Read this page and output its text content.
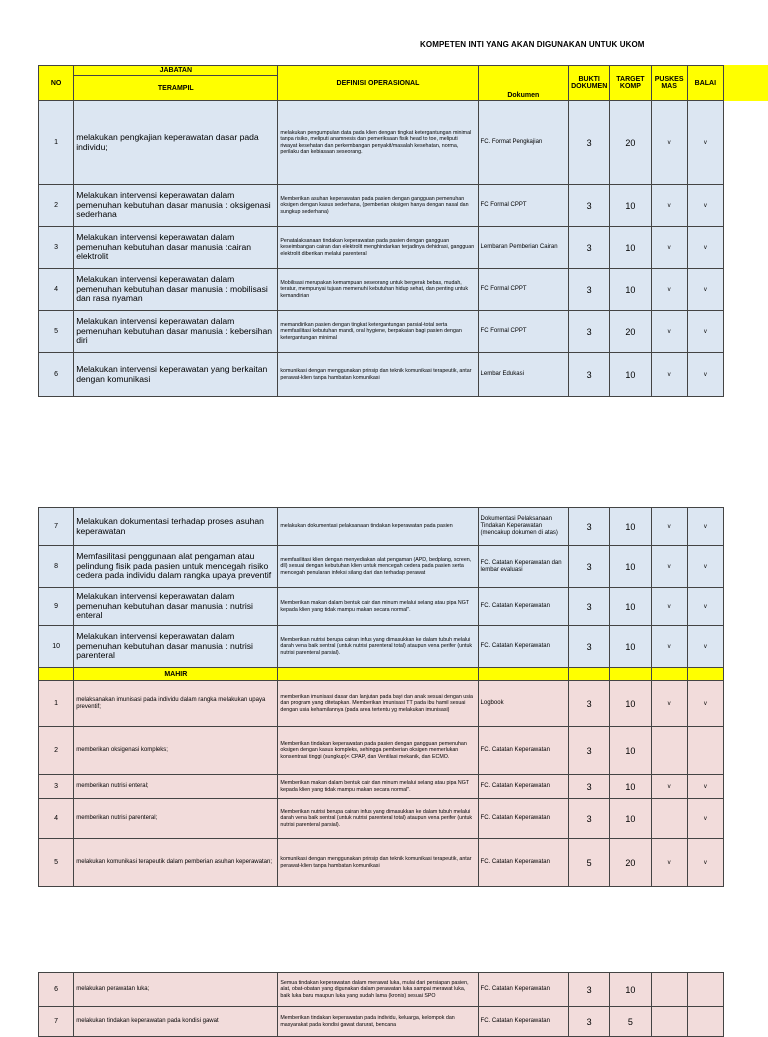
KOMPETEN INTI YANG AKAN DIGUNAKAN UNTUK UKOM
NO	JABATAN	DEFINISI OPERASIONAL	Dokumen	BUKTI DOKUMEN	TARGET KOMP	PUSKES MAS	BALAI
	TERAMPIL						
1	melakukan pengkajian keperawatan dasar pada individu;	melakukan pengumpulan data pada klien dengan tingkat ketergantungan minimal tanpa risiko, meliputi anamnesis dan pemeriksaan fisik head to toe, meliputi riwayat kesehatan dan perkembangan penyakit/masalah kesehatan, norma, perilaku dan kebiasaan seseorang.	FC. Format Pengkajian	3	20	v	v
2	Melakukan intervensi keperawatan dalam pemenuhan kebutuhan dasar manusia : oksigenasi sederhana	Memberikan asuhan keperawatan pada pasien dengan gangguan pemenuhan oksigen dengan kasus sederhana, (pemberian oksigen hanya dengan nasal dan sungkup sederhana)	FC Formal CPPT	3	10	v	v
3	Melakukan intervensi keperawatan dalam pemenuhan kebutuhan dasar manusia :cairan elektrolit	Penatalaksanaan tindakan keperawatan pada pasien dengan gangguan keseimbangan cairan dan elektrolit menghindarkan terjadinya dehidrasi, gangguan elektrolit diberikan melalui parenteral	Lembaran Pemberian Cairan	3	10	v	v
4	Melakukan intervensi keperawatan dalam pemenuhan kebutuhan dasar manusia : mobilisasi dan rasa nyaman	Mobilisasi merupakan kemampuan seseorang untuk bergerak bebas, mudah, teratur, mempunyai tujuan memenuhi kebutuhan hidup sehat, dan penting untuk kemandirian	FC Formal CPPT	3	10	v	v
5	Melakukan intervensi keperawatan dalam pemenuhan kebutuhan dasar manusia : kebersihan diri	memandirikan pasien dengan tingkat ketergantungan parsial-total serta memfasilitasi kebutuhan mandi, oral hygiene, berpakaian bagi pasien dengan ketergantungan minimal	FC Formal CPPT	3	20	v	v
6	Melakukan intervensi keperawatan yang berkaitan dengan komunikasi	komunikasi dengan menggunakan prinsip dan teknik komunikasi terapeutik, antar perawat-klien tanpa hambatan komunikasi	Lembar Edukasi	3	10	v	v
7	Melakukan dokumentasi terhadap proses asuhan keperawatan	melakukan dokumentasi pelaksanaan tindakan keperawatan pada pasien	Dokumentasi Pelaksanaan Tindakan Keperawatan (mencakup dokumen di atas)	3	10	v	v
8	Memfasilitasi penggunaan alat pengaman atau pelindung fisik pada pasien untuk mencegah risiko cedera pada individu dalam rangka upaya preventif	memfasilitasi klien dengan menyediakan alat pengaman (APD, bedplang, screen, dll) sesuai dengan kebutuhan klien untuk mencegah cedera pada pasien serta mencegah penularan infeksi silang dari dan terhadap perawat	FC. Catatan Keperawatan dan lembar evaluasi	3	10	v	v
9	Melakukan intervensi keperawatan dalam pemenuhan kebutuhan dasar manusia : nutrisi enteral	Memberikan makan dalam bentuk cair dan minum melalui selang atau pipa NGT kepada klien yang tidak mampu makan secara normal".	FC. Catatan Keperawatan	3	10	v	v
10	Melakukan intervensi keperawatan dalam pemenuhan kebutuhan dasar manusia : nutrisi parenteral	Memberikan nutrisi berupa cairan infus yang dimasukkan ke dalam tubuh melalui darah vena baik sentral (untuk nutrisi parenteral total) ataupun vena perifer (untuk nutrisi parenteral parsial).	FC. Catatan Keperawatan	3	10	v	v
	MAHIR						
1	melaksanakan imunisasi pada individu dalam rangka melakukan upaya preventif;	memberikan imunisasi dasar dan lanjutan pada bayi dan anak sesuai dengan usia dan program yang ditetapkan. Memberikan imunisasi TT pada ibu hamil sesuai dengan usia kehamilannya (pada area tertentu yg melakukan imunisasi)	Logbook	3	10	v	v
2	memberikan oksigenasi kompleks;	Memberikan tindakan keperawatan pada pasien dengan gangguan pemenuhan oksigen dengan kasus kompleks, sehingga pemberian oksigen memerlukan konsentrasi tinggi (sungkup)< CPAP, dan Ventilasi mekanik, dan ECMO.	FC. Catatan Keperawatan	3	10		
3	memberikan nutrisi enteral;	Memberikan makan dalam bentuk cair dan minum melalui selang atau pipa NGT kepada klien yang tidak mampu makan secara normal".	FC. Catatan Keperawatan	3	10	v	v
4	memberikan nutrisi parenteral;	Memberikan nutrisi berupa cairan infus yang dimasukkan ke dalam tubuh melalui darah vena baik sentral (untuk nutrisi parenteral total) ataupun vena perifer (untuk nutrisi parenteral parsial).	FC. Catatan Keperawatan	3	10		v
5	melakukan komunikasi terapeutik dalam pemberian asuhan keperawatan;	komunikasi dengan menggunakan prinsip dan teknik komunikasi terapeutik, antar perawat-klien tanpa hambatan komunikasi	FC. Catatan Keperawatan	5	20	v	v
6	melakukan perawatan luka;	Semua tindakan keperawatan dalam merawat luka, mulai dari persiapan pasien, alat, obat-obatan yang digunakan dalam perawatan luka sampai merawat luka, baik luka baru maupun luka yang sudah lama (kronis) sesuai SPO	FC. Catatan Keperawatan	3	10		
7	melakukan tindakan keperawatan pada kondisi gawat	Memberikan tindakan keperawatan pada individu, keluarga, kelompok dan masyarakat pada kondisi gawat darurat, bencana	FC. Catatan Keperawatan	3	5		
